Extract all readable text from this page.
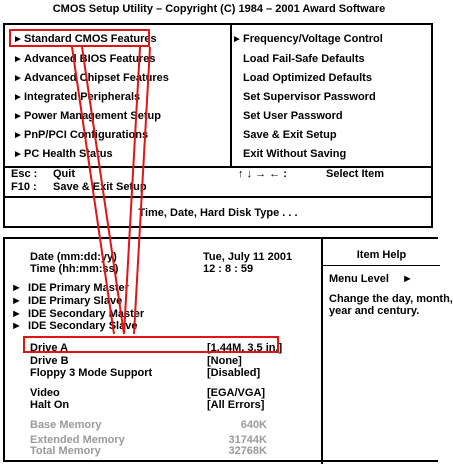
CMOS Setup Utility – Copyright (C) 1984 – 2001 Award Software
►Standard CMOS Features
►Advanced BIOS Features
►Advanced Chipset Features
►Integrated Peripherals
►Power Management Setup
►PnP/PCI Configurations
►PC Health Status
►Frequency/Voltage Control
Load Fail-Safe Defaults
Load Optimized Defaults
Set Supervisor Password
Set User Password
Save & Exit Setup
Exit Without Saving
Esc : Quit
F10 : Save & Exit Setup
↑ ↓ → ← :	Select Item
Time, Date, Hard Disk Type . . .
Date (mm:dd:yy)	Tue, July 11 2001
Time (hh:mm:ss)	12 : 8 : 59
► IDE Primary Master
► IDE Primary Slave
► IDE Secondary Master
► IDE Secondary Slave
Drive A	[1.44M, 3.5 in.]
Drive B	[None]
Floppy 3 Mode Support	[Disabled]
Video	[EGA/VGA]
Halt On	[All Errors]
Base Memory	640K
Extended Memory	31744K
Total Memory	32768K
Item Help
Menu Level ►
Change the day, month,
year and century.
